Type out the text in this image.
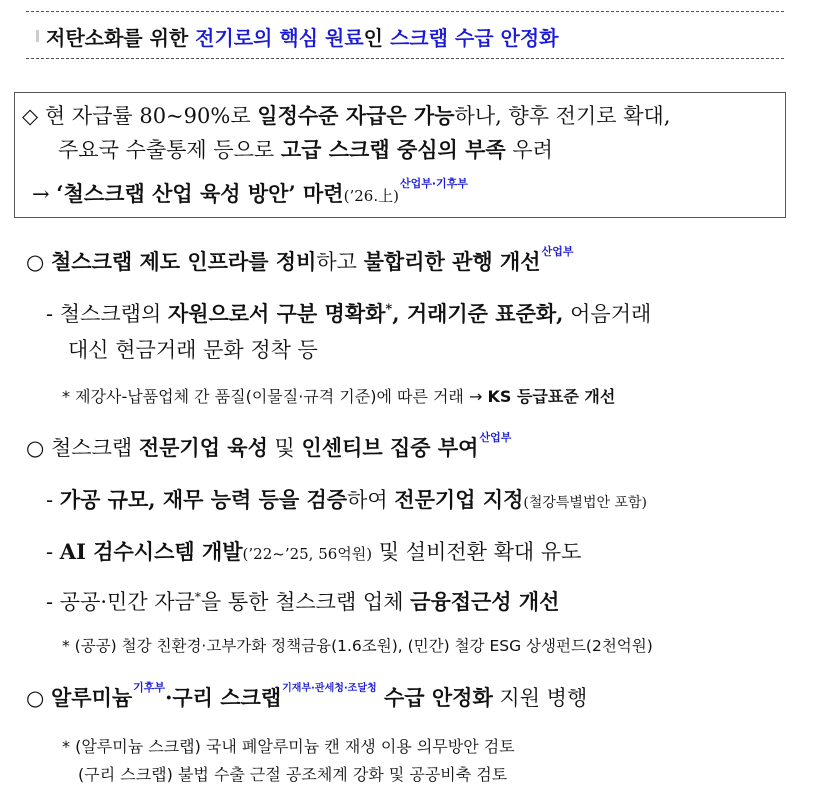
저탄소화를 위한 전기로의 핵심 원료인 스크랩 수급 안정화
◇ 현 자급률 80~90%로 일정수준 자급은 가능하나, 향후 전기로 확대,
주요국 수출통제 등으로 고급 스크랩 중심의 부족 우려
→ ‘철스크랩 산업 육성 방안’ 마련(’26.上)$^{산업부\cdot 기후부}$
○ 철스크랩 제도 인프라를 정비하고 불합리한 관행 개선$^{산업부}$
- 철스크랩의 자원으로서 구분 명확화*, 거래기준 표준화, 어음거래
대신 현금거래 문화 정착 등
* 제강사-납품업체 간 품질(이물질·규격 기준)에 따른 거래 → KS 등급표준 개선
○ 철스크랩 전문기업 육성 및 인센티브 집중 부여$^{산업부}$
- 가공 규모, 재무 능력 등을 검증하여 전문기업 지정(철강특별법안 포함)
- AI 검수시스템 개발(’22~’25, 56억원) 및 설비전환 확대 유도
- 공공·민간 자금*을 통한 철스크랩 업체 금융접근성 개선
* (공공) 철강 친환경·고부가화 정책금융(1.6조원), (민간) 철강 ESG 상생펀드(2천억원)
○ 알루미늄$^{기후부}$·구리 스크랩$^{기재부\cdot 관세청\cdot 조달청}$ 수급 안정화 지원 병행
* (알루미늄 스크랩) 국내 폐알루미늄 캔 재생 이용 의무방안 검토
(구리 스크랩) 불법 수출 근절 공조체계 강화 및 공공비축 검토
